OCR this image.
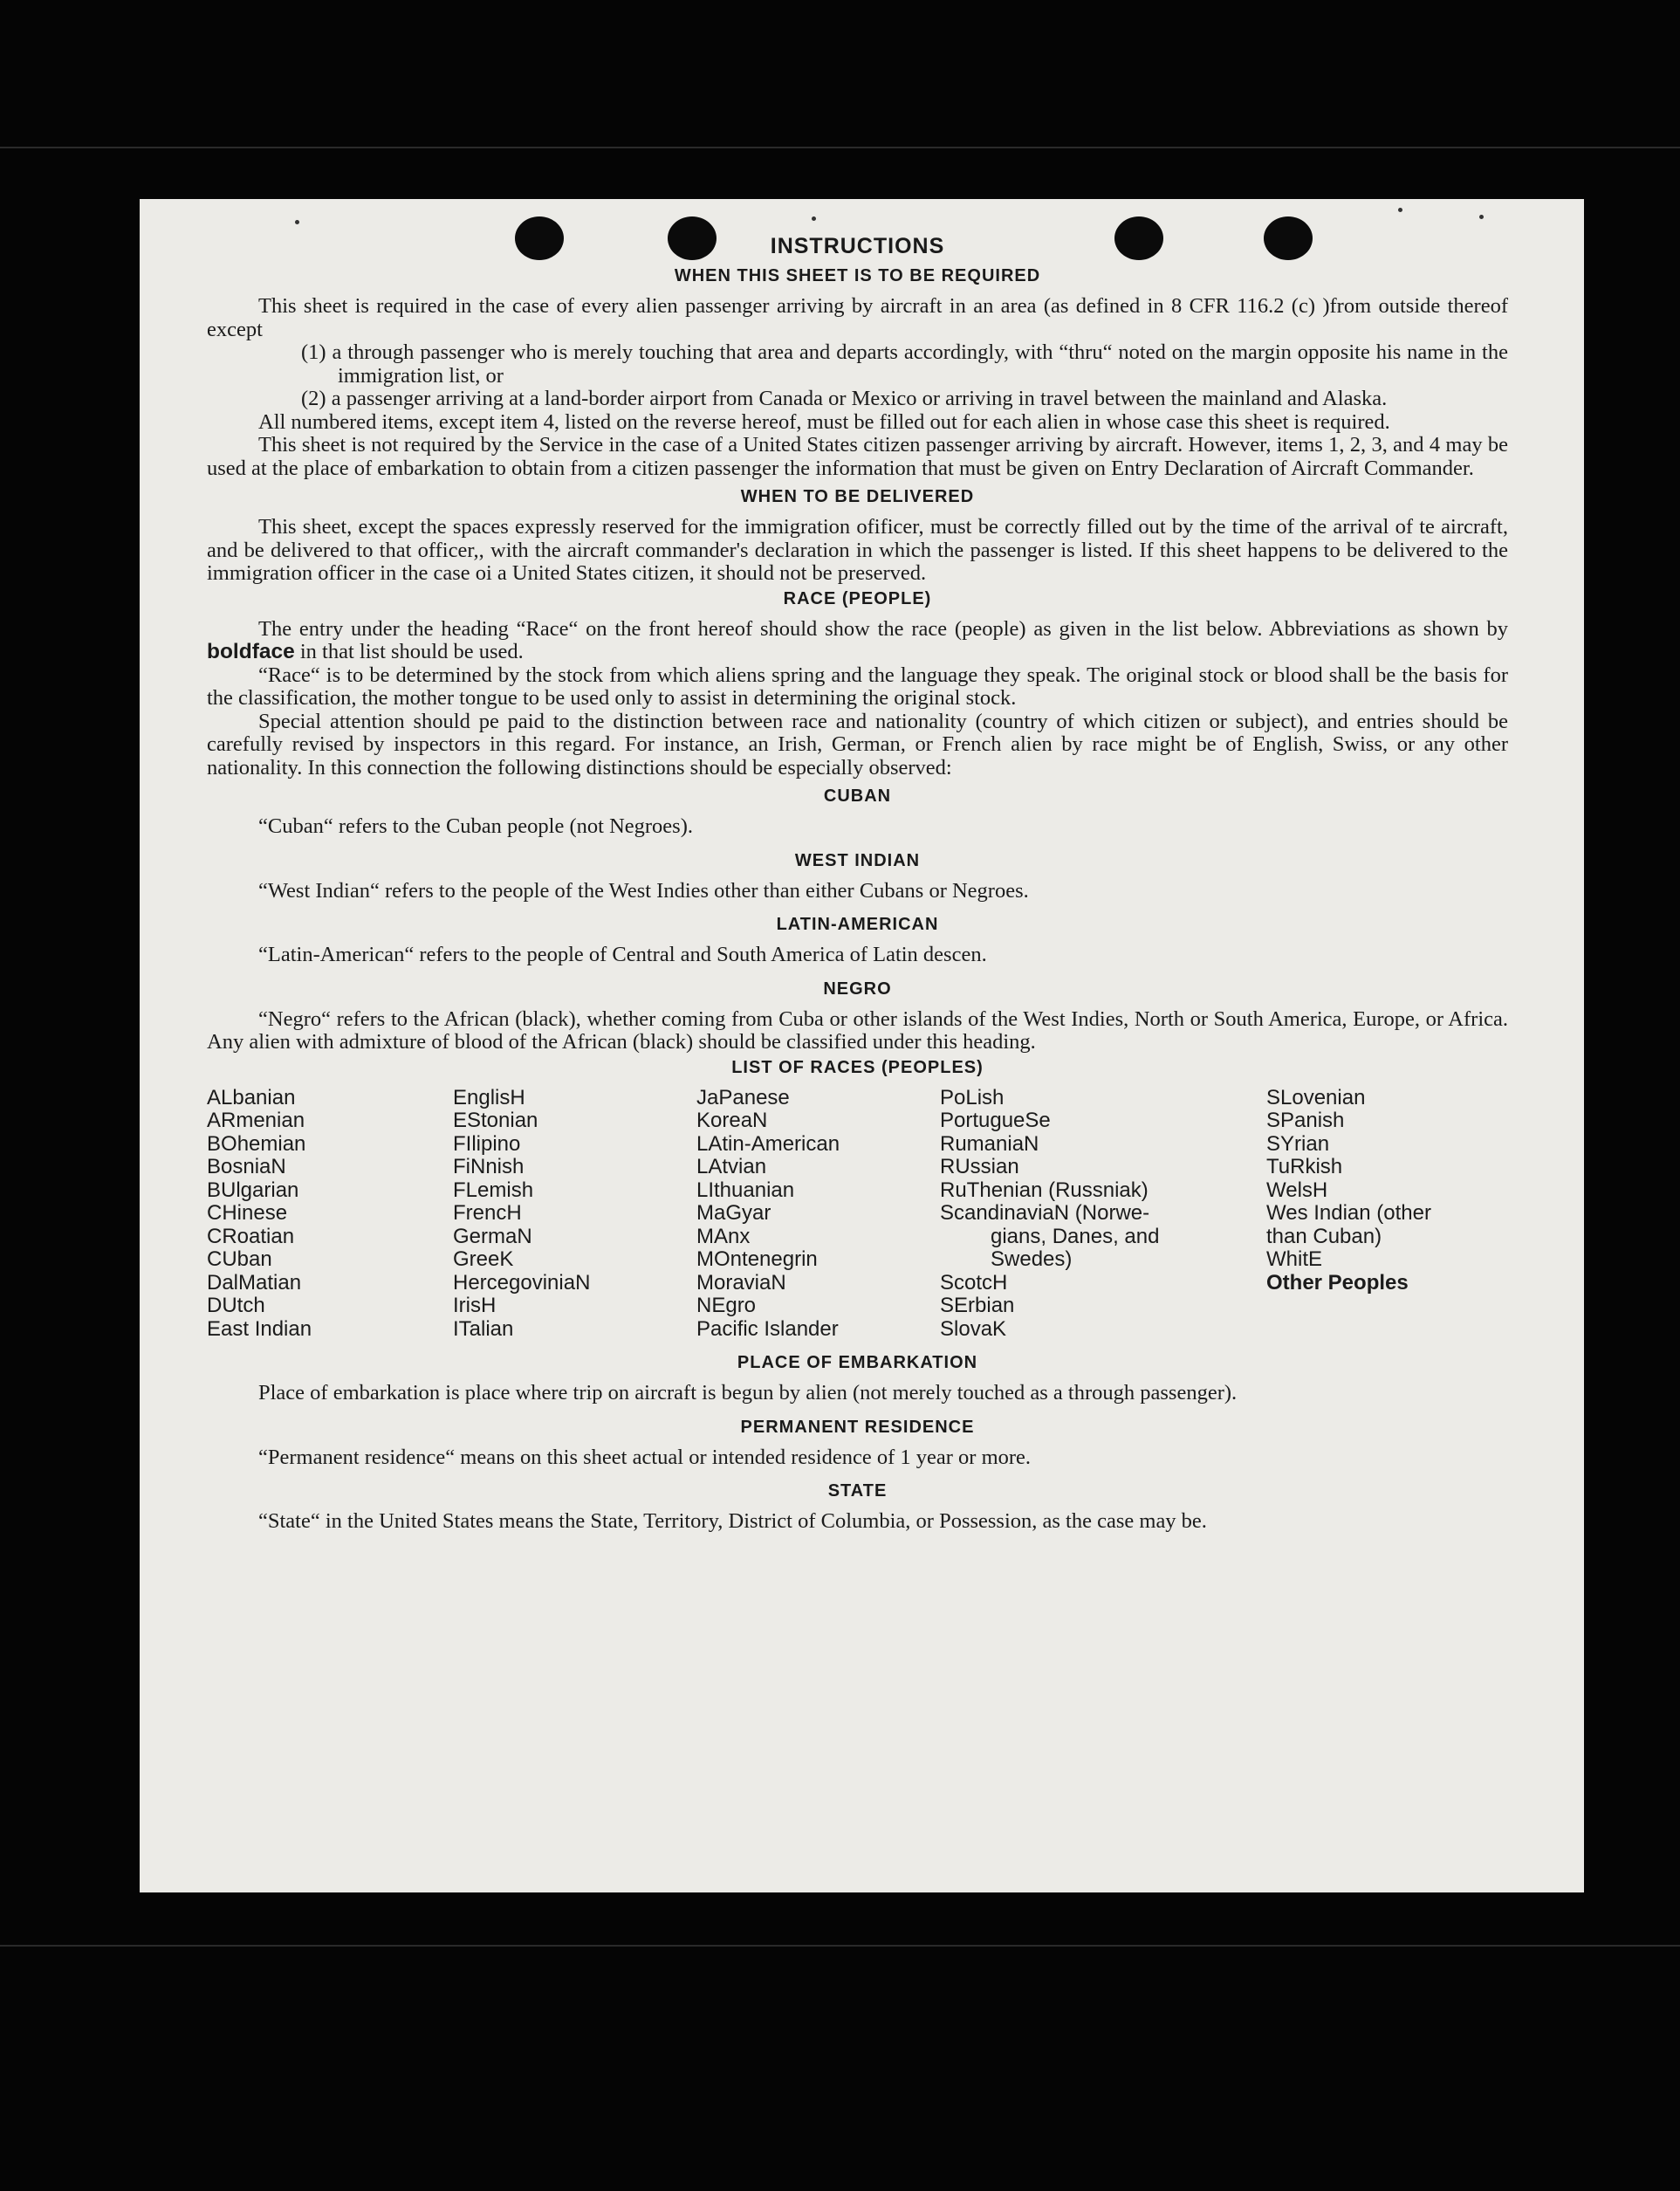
INSTRUCTIONS
WHEN THIS SHEET IS TO BE REQUIRED

This sheet is required in the case of every alien passenger arriving by aircraft in an area (as defined in 8 CFR 116.2 (c) )from outside thereof except

(1) a through passenger who is merely touching that area and departs accordingly, with “thru“ noted on the margin opposite his name in the immigration list, or

(2) a passenger arriving at a land-border airport from Canada or Mexico or arriving in travel between the mainland and Alaska.

All numbered items, except item 4, listed on the reverse hereof, must be filled out for each alien in whose case this sheet is required.

This sheet is not required by the Service in the case of a United States citizen passenger arriving by aircraft. However, items 1, 2, 3, and 4 may be used at the place of embarkation to obtain from a citizen passenger the information that must be given on Entry Declaration of Aircraft Commander.

WHEN TO BE DELIVERED

This sheet, except the spaces expressly reserved for the immigration ofificer, must be correctly filled out by the time of the arrival of te aircraft, and be delivered to that officer,, with the aircraft commander's declaration in which the passenger is listed. If this sheet happens to be delivered to the immigration officer in the case oi a United States citizen, it should not be preserved.

RACE (PEOPLE)

The entry under the heading “Race“ on the front hereof should show the race (people) as given in the list below. Abbreviations as shown by boldface in that list should be used.

“Race“ is to be determined by the stock from which aliens spring and the language they speak. The original stock or blood shall be the basis for the classification, the mother tongue to be used only to assist in determining the original stock.

Special attention should pe paid to the distinction between race and nationality (country of which citizen or subject), and entries should be carefully revised by inspectors in this regard. For instance, an Irish, German, or French alien by race might be of English, Swiss, or any other nationality. In this connection the following distinctions should be especially observed:

CUBAN

“Cuban“ refers to the Cuban people (not Negroes).

WEST INDIAN

“West Indian“ refers to the people of the West Indies other than either Cubans or Negroes.

LATIN-AMERICAN

“Latin-American“ refers to the people of Central and South America of Latin descen.

NEGRO

“Negro“ refers to the African (black), whether coming from Cuba or other islands of the West Indies, North or South America, Europe, or Africa. Any alien with admixture of blood of the African (black) should be classified under this heading.

LIST OF RACES (PEOPLES)
ALbanian
ARmenian
BOhemian
BosniaN
BUlgarian
CHinese
CRoatian
CUban
DalMatian
DUtch
East Indian
EnglisH
EStonian
FIlipino
FiNnish
FLemish
FrencH
GermaN
GreeK
HercegoviniaN
IrisH
ITalian
JaPanese
KoreaN
LAtin-American
LAtvian
LIthuanian
MaGyar
MAnx
MOntenegrin
MoraviaN
NEgro
Pacific Islander
PoLish
PortugueSe
RumaniaN
RUssian
RuThenian (Russniak)
ScandinaviaN (Norwe-
gians, Danes, and
Swedes)
ScotcH
SErbian
SlovaK
SLovenian
SPanish
SYrian
TuRkish
WelsH
Wes Indian (other
than Cuban)
WhitE
Other Peoples
PLACE OF EMBARKATION

Place of embarkation is place where trip on aircraft is begun by alien (not merely touched as a through passenger).

PERMANENT RESIDENCE

“Permanent residence“ means on this sheet actual or intended residence of 1 year or more.

STATE

“State“ in the United States means the State, Territory, District of Columbia, or Possession, as the case may be.
